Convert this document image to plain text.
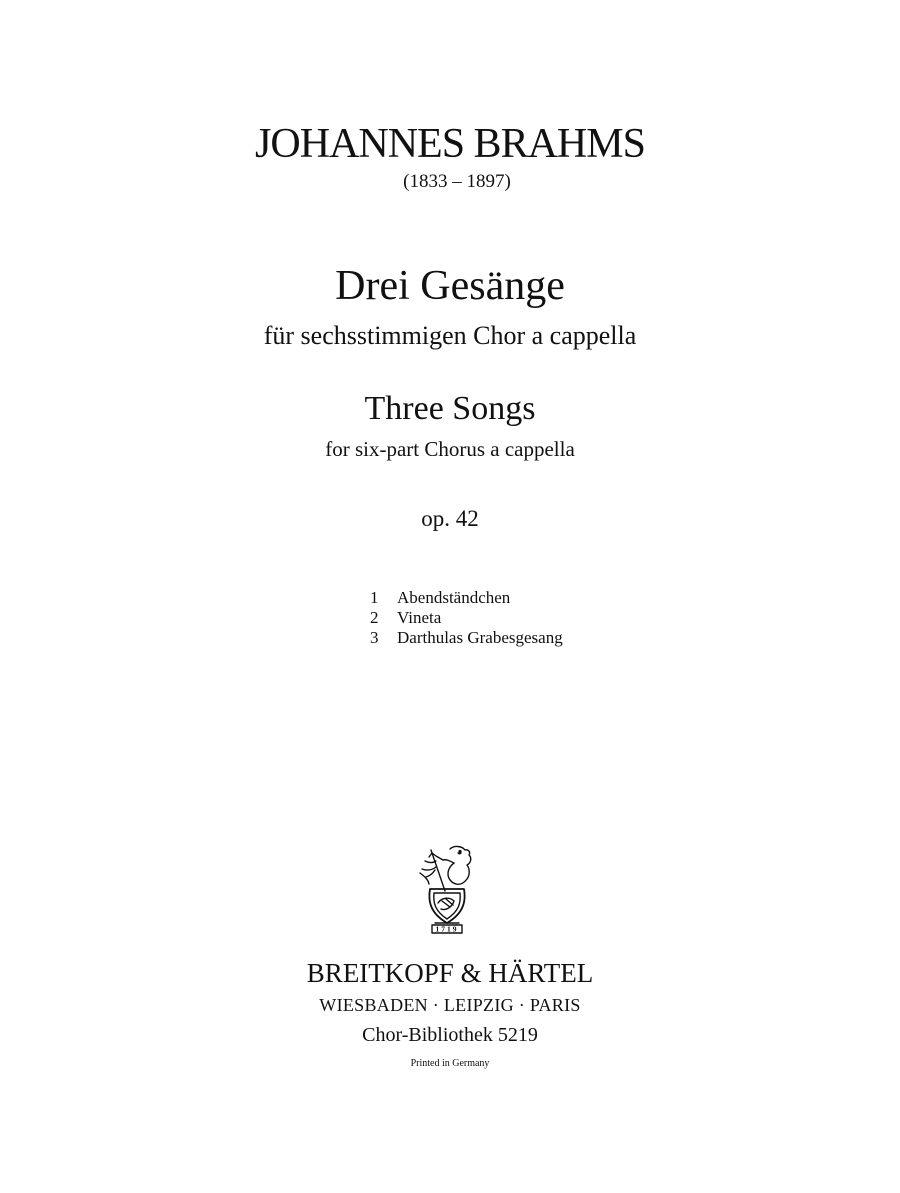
JOHANNES BRAHMS
(1833 – 1897)
Drei Gesänge
für sechsstimmigen Chor a cappella
Three Songs
for six-part Chorus a cappella
op. 42
1	Abendständchen
2	Vineta
3	Darthulas Grabesgesang
1719
BREITKOPF & HÄRTEL
WIESBADEN · LEIPZIG · PARIS
Chor-Bibliothek 5219
Printed in Germany
